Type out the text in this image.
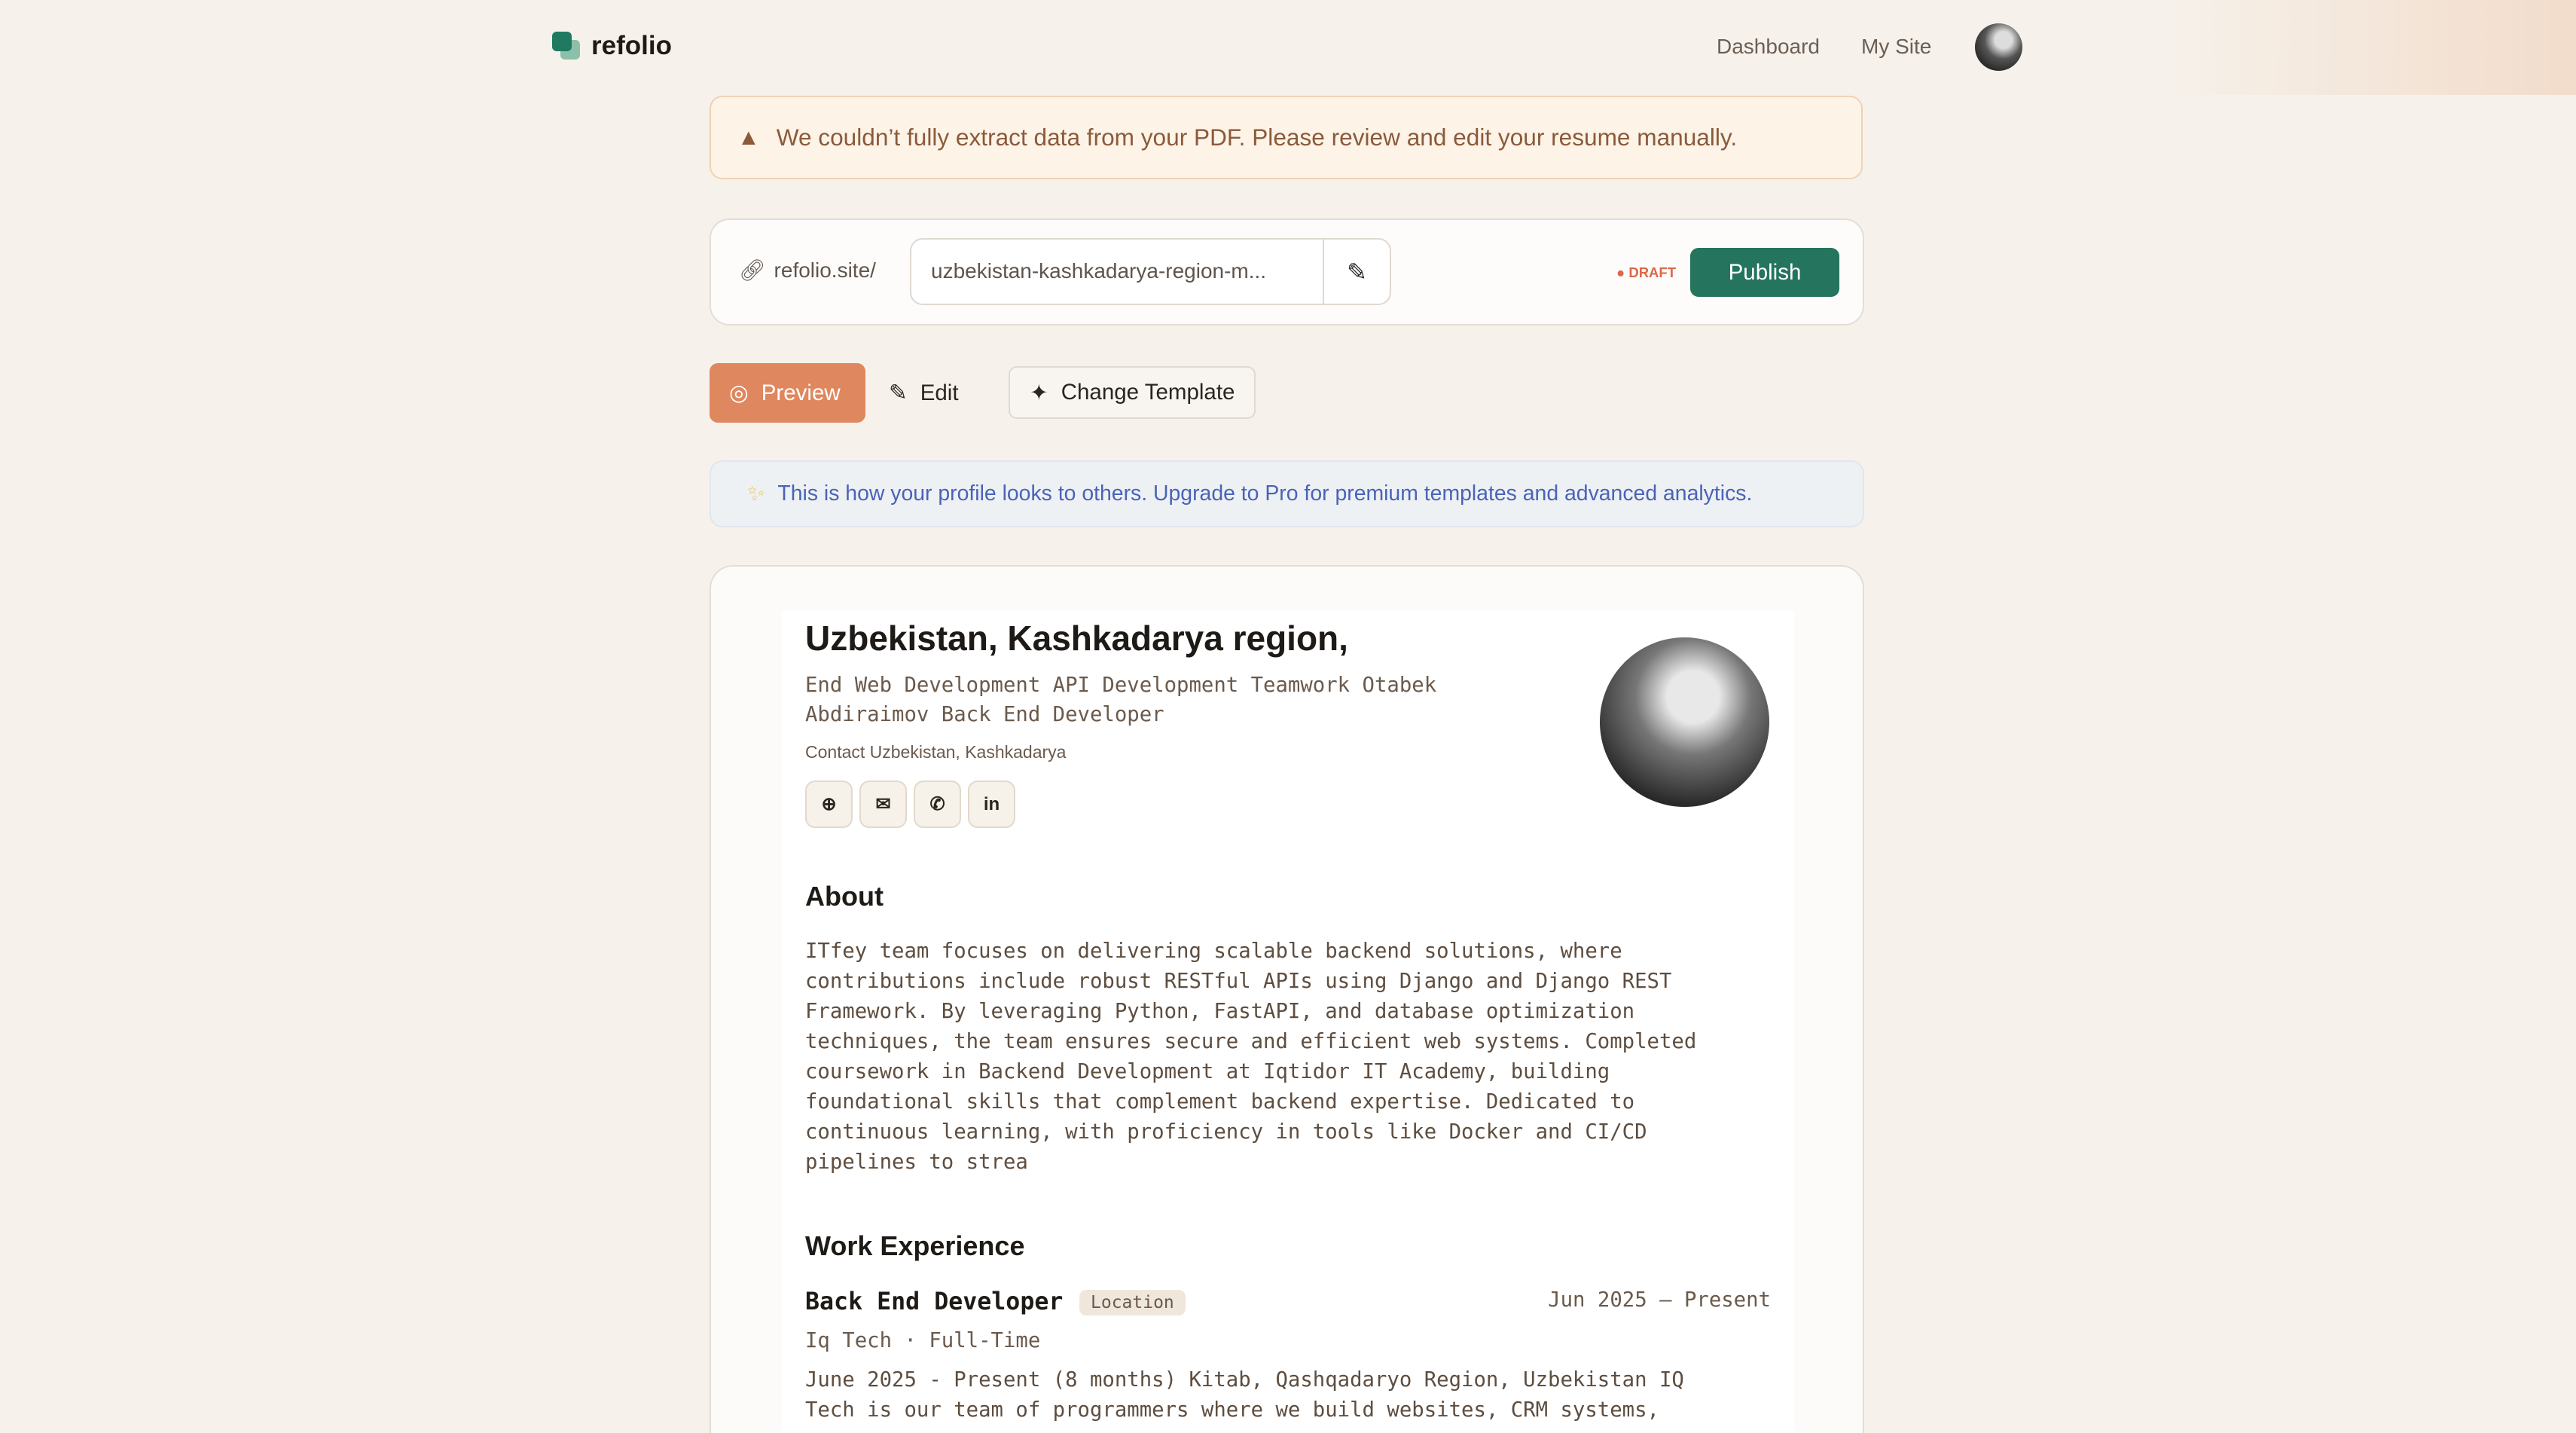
refolio	Dashboard My Site
▲ We couldn’t fully extract data from your PDF. Please review and edit your resume manually.
🔗︎ refolio.site/	uzbekistan-kashkadarya-region-m...	✎	● DRAFT	Publish
◎ Preview ✎ Edit	✦ Change Template
✨︎ This is how your profile looks to others. Upgrade to Pro for premium templates and advanced analytics.
Uzbekistan, Kashkadarya region,
End Web Development API Development Teamwork Otabek Abdiraimov Back End Developer
Contact Uzbekistan, Kashkadarya
⊕	✉	✆	in
About
ITfey team focuses on delivering scalable backend solutions, where contributions include robust RESTful APIs using Django and Django REST Framework. By leveraging Python, FastAPI, and database optimization techniques, the team ensures secure and efficient web systems. Completed coursework in Backend Development at Iqtidor IT Academy, building foundational skills that complement backend expertise. Dedicated to continuous learning, with proficiency in tools like Docker and CI/CD pipelines to strea
Work Experience
Back End Developer	Location	Jun 2025 – Present
Iq Tech · Full-Time
June 2025 - Present (8 months) Kitab, Qashqadaryo Region, Uzbekistan IQ Tech is our team of programmers where we build websites, CRM systems,
